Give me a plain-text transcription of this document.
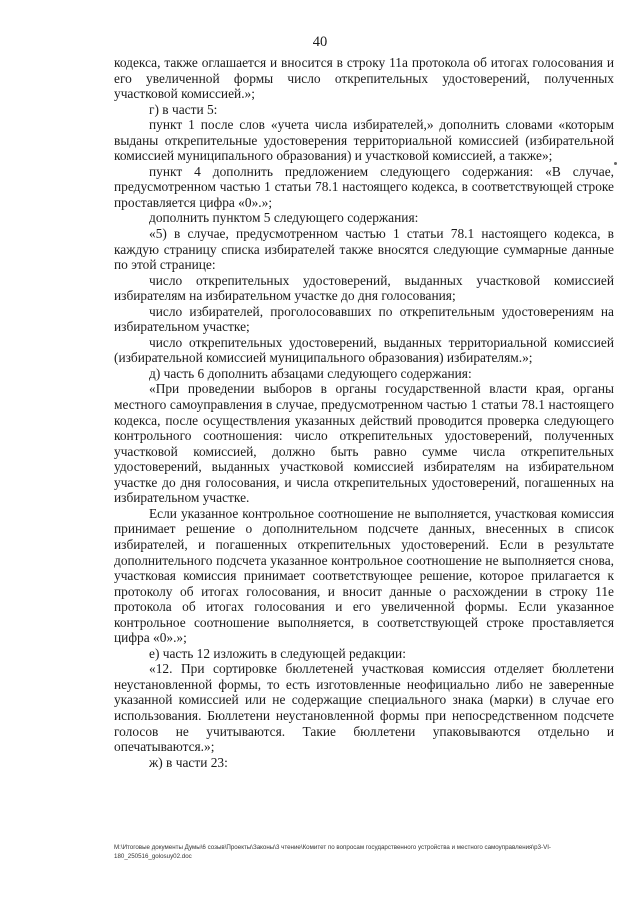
40

кодекса, также оглашается и вносится в строку 11а протокола об итогах голосования и его увеличенной формы число открепительных удостоверений, полученных участковой комиссией.»;

г) в части 5:

пункт 1 после слов «учета числа избирателей,» дополнить словами «которым выданы открепительные удостоверения территориальной комиссией (избирательной комиссией муниципального образования) и участковой комиссией, а также»;

пункт 4 дополнить предложением следующего содержания: «В случае, предусмотренном частью 1 статьи 78.1 настоящего кодекса, в соответствующей строке проставляется цифра «0».»;

дополнить пунктом 5 следующего содержания:

«5) в случае, предусмотренном частью 1 статьи 78.1 настоящего кодекса, в каждую страницу списка избирателей также вносятся следующие суммарные данные по этой странице:

число открепительных удостоверений, выданных участковой комиссией избирателям на избирательном участке до дня голосования;

число избирателей, проголосовавших по открепительным удостоверениям на избирательном участке;

число открепительных удостоверений, выданных территориальной комиссией (избирательной комиссией муниципального образования) избирателям.»;

д) часть 6 дополнить абзацами следующего содержания:

«При проведении выборов в органы государственной власти края, органы местного самоуправления в случае, предусмотренном частью 1 статьи 78.1 настоящего кодекса, после осуществления указанных действий проводится проверка следующего контрольного соотношения: число открепительных удостоверений, полученных участковой комиссией, должно быть равно сумме числа открепительных удостоверений, выданных участковой комиссией избирателям на избирательном участке до дня голосования, и числа открепительных удостоверений, погашенных на избирательном участке.

Если указанное контрольное соотношение не выполняется, участковая комиссия принимает решение о дополнительном подсчете данных, внесенных в список избирателей, и погашенных открепительных удостоверений. Если в результате дополнительного подсчета указанное контрольное соотношение не выполняется снова, участковая комиссия принимает соответствующее решение, которое прилагается к протоколу об итогах голосования, и вносит данные о расхождении в строку 11е протокола об итогах голосования и его увеличенной формы. Если указанное контрольное соотношение выполняется, в соответствующей строке проставляется цифра «0».»;

е) часть 12 изложить в следующей редакции:

«12. При сортировке бюллетеней участковая комиссия отделяет бюллетени неустановленной формы, то есть изготовленные неофициально либо не заверенные указанной комиссией или не содержащие специального знака (марки) в случае его использования. Бюллетени неустановленной формы при непосредственном подсчете голосов не учитываются. Такие бюллетени упаковываются отдельно и опечатываются.»;

ж) в части 23:

M:\Итоговые документы Думы\6 созыв\Проекты\Законы\3 чтение\Комитет по вопросам государственного устройства и местного самоуправления\р3-VI-
180_250516_golosuy02.doc
